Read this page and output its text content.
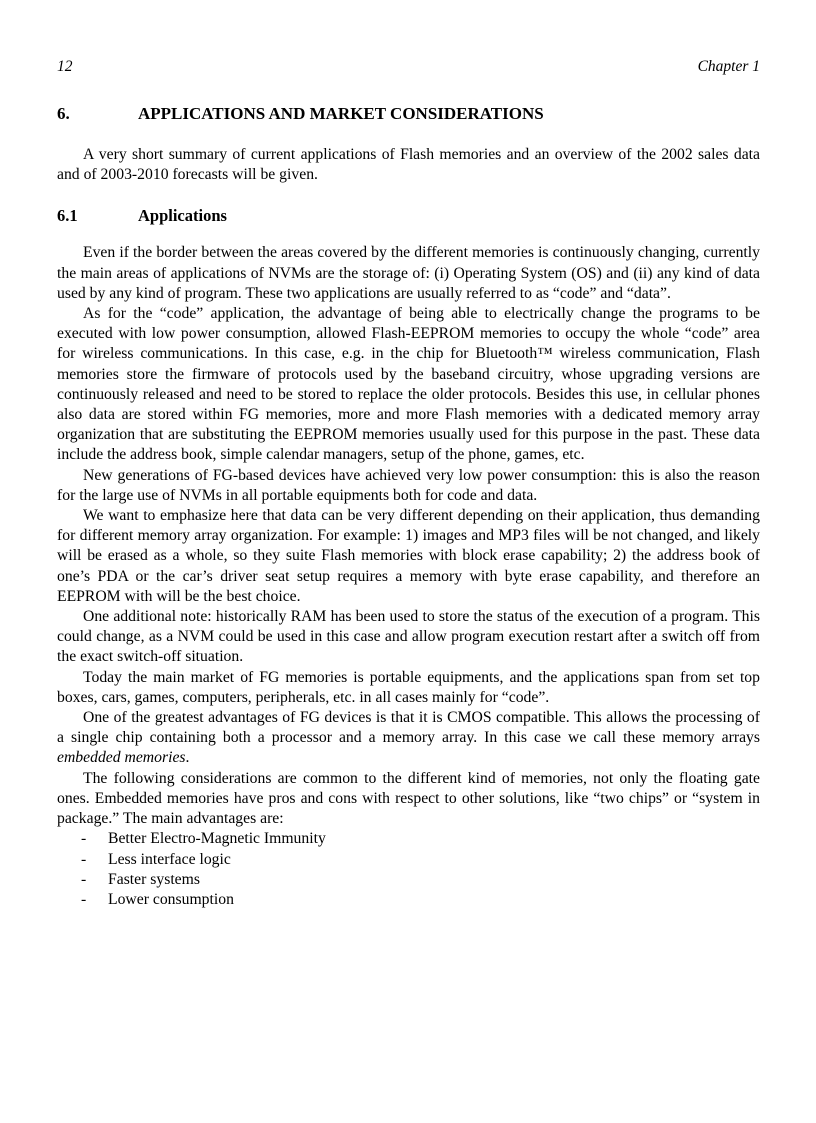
12	Chapter 1
6.	APPLICATIONS AND MARKET CONSIDERATIONS

A very short summary of current applications of Flash memories and an overview of the 2002 sales data and of 2003-2010 forecasts will be given.

6.1	Applications

Even if the border between the areas covered by the different memories is continuously changing, currently the main areas of applications of NVMs are the storage of: (i) Operating System (OS) and (ii) any kind of data used by any kind of program. These two applications are usually referred to as “code” and “data”.

As for the “code” application, the advantage of being able to electrically change the programs to be executed with low power consumption, allowed Flash-EEPROM memories to occupy the whole “code” area for wireless communications. In this case, e.g. in the chip for Bluetooth™ wireless communication, Flash memories store the firmware of protocols used by the baseband circuitry, whose upgrading versions are continuously released and need to be stored to replace the older protocols. Besides this use, in cellular phones also data are stored within FG memories, more and more Flash memories with a dedicated memory array organization that are substituting the EEPROM memories usually used for this purpose in the past. These data include the address book, simple calendar managers, setup of the phone, games, etc.

New generations of FG-based devices have achieved very low power consumption: this is also the reason for the large use of NVMs in all portable equipments both for code and data.

We want to emphasize here that data can be very different depending on their application, thus demanding for different memory array organization. For example: 1) images and MP3 files will be not changed, and likely will be erased as a whole, so they suite Flash memories with block erase capability; 2) the address book of one’s PDA or the car’s driver seat setup requires a memory with byte erase capability, and therefore an EEPROM with will be the best choice.

One additional note: historically RAM has been used to store the status of the execution of a program. This could change, as a NVM could be used in this case and allow program execution restart after a switch off from the exact switch-off situation.

Today the main market of FG memories is portable equipments, and the applications span from set top boxes, cars, games, computers, peripherals, etc. in all cases mainly for “code”.

One of the greatest advantages of FG devices is that it is CMOS compatible. This allows the processing of a single chip containing both a processor and a memory array. In this case we call these memory arrays embedded memories.

The following considerations are common to the different kind of memories, not only the floating gate ones. Embedded memories have pros and cons with respect to other solutions, like “two chips” or “system in package.” The main advantages are:

-	Better Electro-Magnetic Immunity
-	Less interface logic
-	Faster systems
-	Lower consumption
